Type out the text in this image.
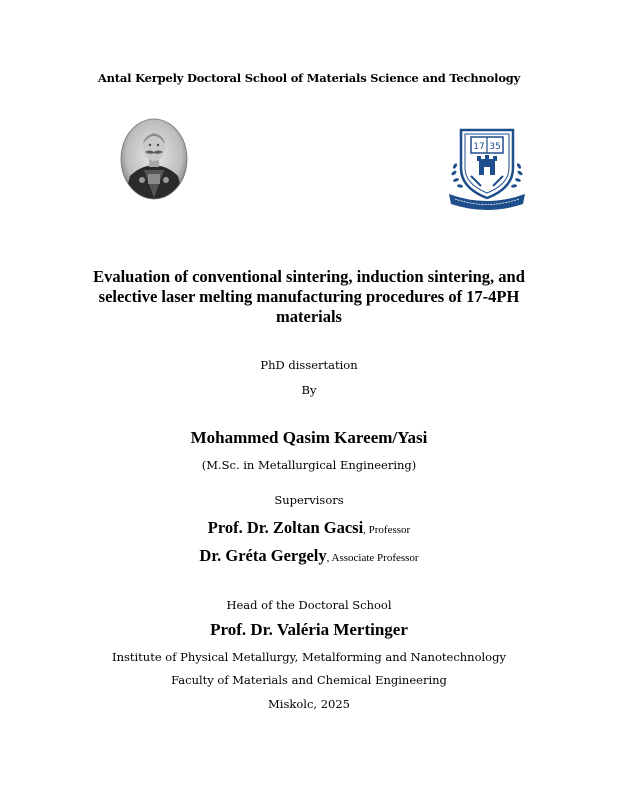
Antal Kerpely Doctoral School of Materials Science and Technology
17 35
Evaluation of conventional sintering, induction sintering, and
selective laser melting manufacturing procedures of 17-4PH
materials
PhD dissertation
By
Mohammed Qasim Kareem/Yasi
(M.Sc. in Metallurgical Engineering)
Supervisors
Prof. Dr. Zoltan Gacsi, Professor
Dr. Gréta Gergely, Associate Professor
Head of the Doctoral School
Prof. Dr. Valéria Mertinger
Institute of Physical Metallurgy, Metalforming and Nanotechnology
Faculty of Materials and Chemical Engineering
Miskolc, 2025
